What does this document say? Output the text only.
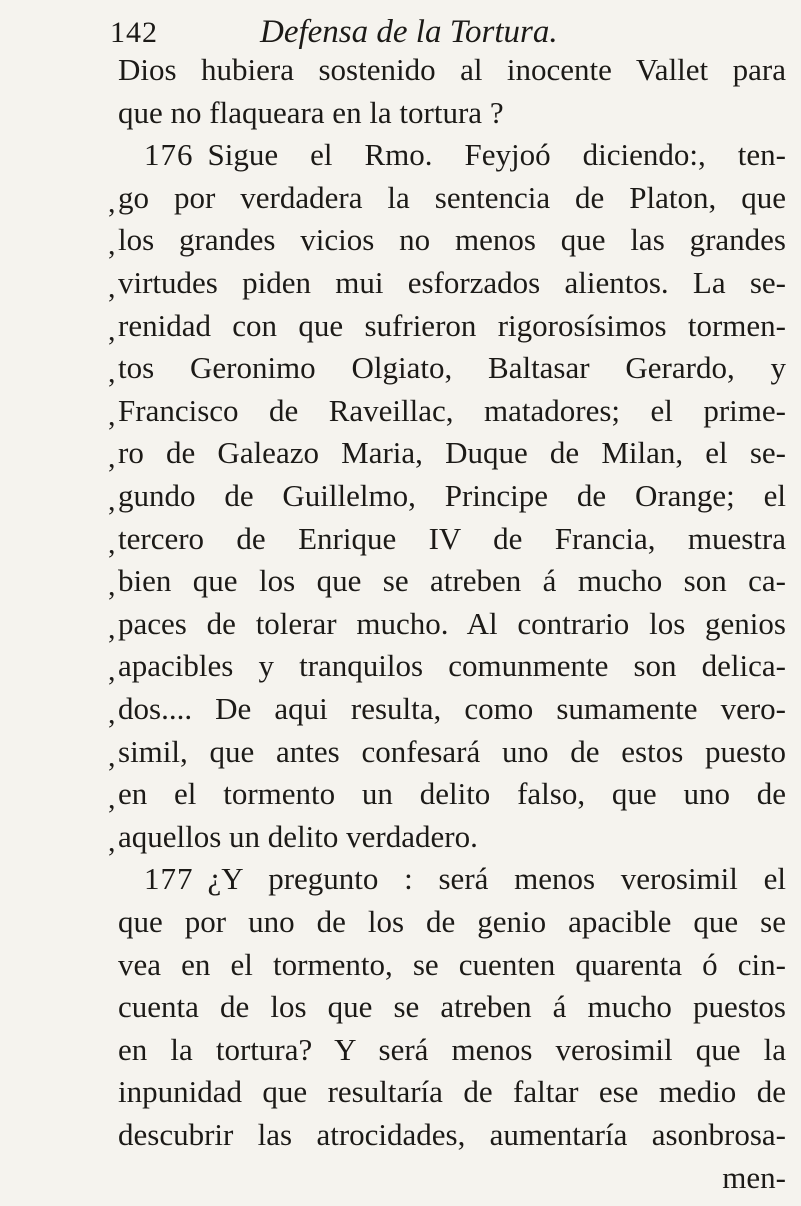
142	Defensa de la Tortura.
Dios hubiera sostenido al inocente Vallet para
que no flaqueara en la tortura ?
176 Sigue el Rmo. Feyjoó diciendo:, ten-
go por verdadera la sentencia de Platon, que
los grandes vicios no menos que las grandes
virtudes piden mui esforzados alientos. La se-
renidad con que sufrieron rigorosísimos tormen-
tos Geronimo Olgiato, Baltasar Gerardo, y
Francisco de Raveillac, matadores; el prime-
ro de Galeazo Maria, Duque de Milan, el se-
gundo de Guillelmo, Principe de Orange; el
tercero de Enrique IV de Francia, muestra
bien que los que se atreben á mucho son ca-
paces de tolerar mucho. Al contrario los genios
apacibles y tranquilos comunmente son delica-
dos.... De aqui resulta, como sumamente vero-
simil, que antes confesará uno de estos puesto
en el tormento un delito falso, que uno de
aquellos un delito verdadero.
177 ¿Y pregunto : será menos verosimil el
que por uno de los de genio apacible que se
vea en el tormento, se cuenten quarenta ó cin-
cuenta de los que se atreben á mucho puestos
en la tortura? Y será menos verosimil que la
inpunidad que resultaría de faltar ese medio de
descubrir las atrocidades, aumentaría asonbrosa-
men-
,
,
,
,
,
,
,
,
,
,
,
,
,
,
,
,
